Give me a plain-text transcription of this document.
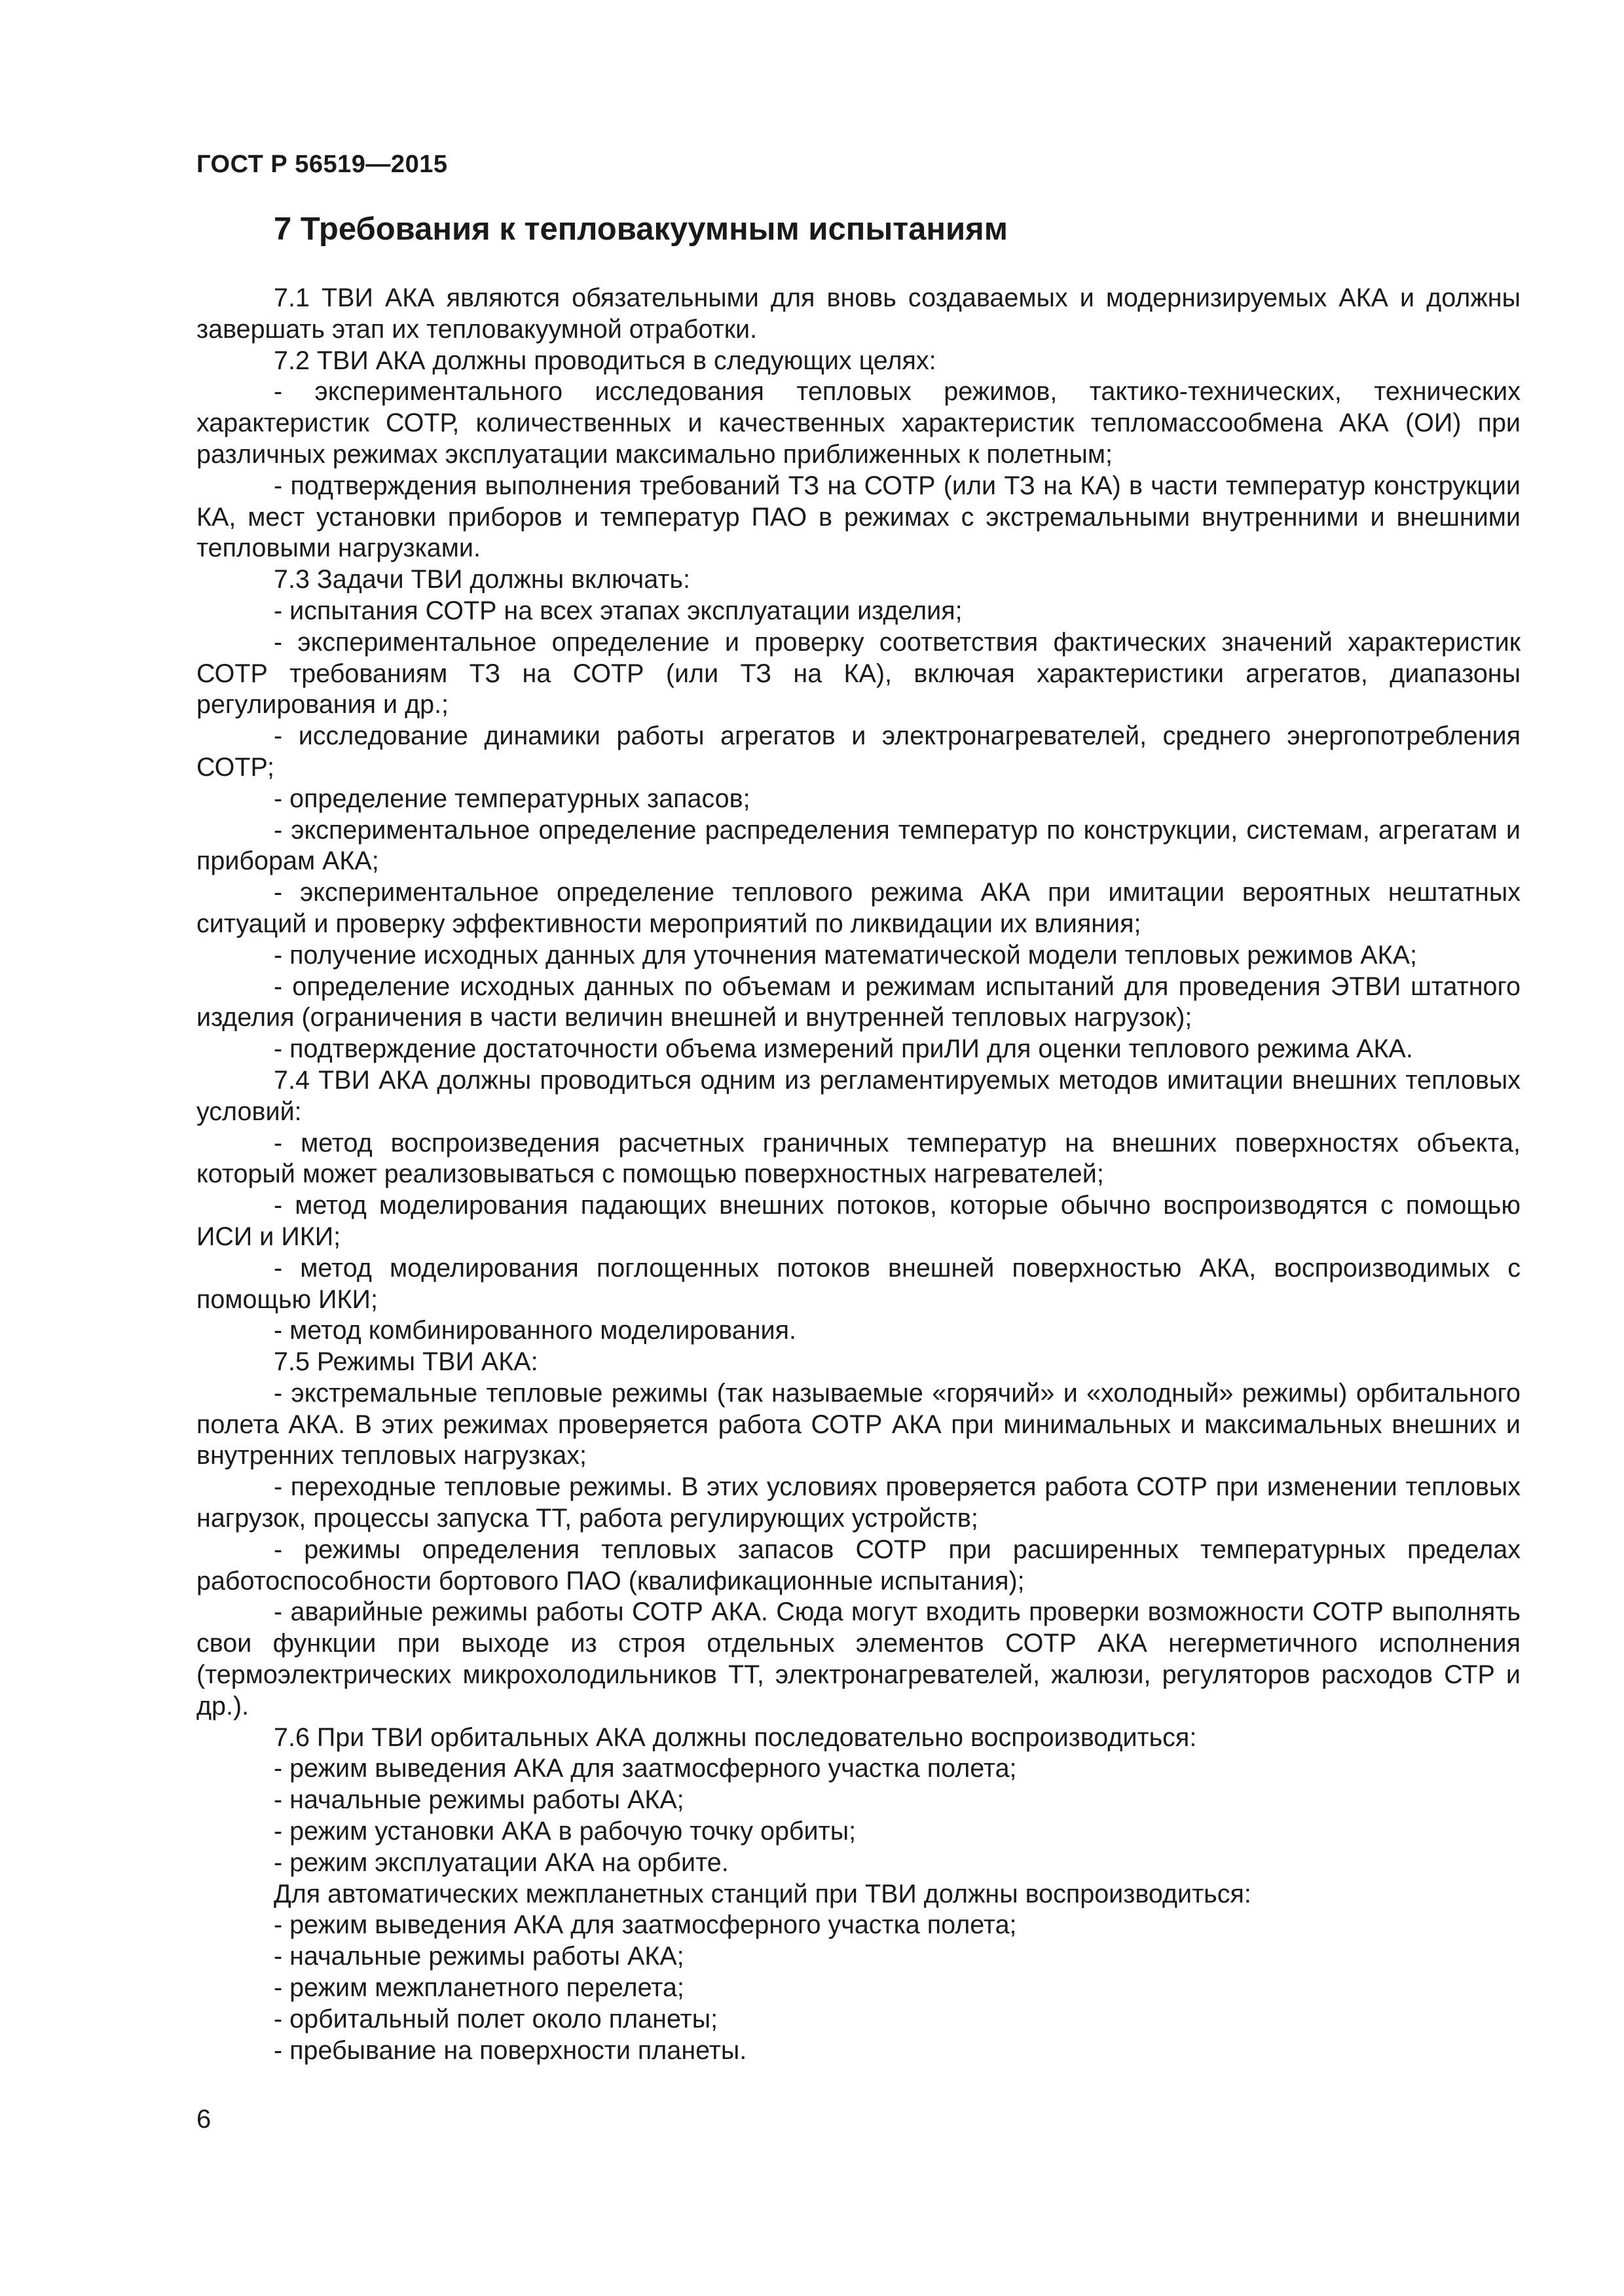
ГОСТ Р 56519—2015
7 Требования к тепловакуумным испытаниям

7.1 ТВИ АКА являются обязательными для вновь создаваемых и модернизируемых АКА и должны завершать этап их тепловакуумной отработки.

7.2 ТВИ АКА должны проводиться в следующих целях:

- экспериментального исследования тепловых режимов, тактико-технических, технических характеристик СОТР, количественных и качественных характеристик тепломассообмена АКА (ОИ) при различных режимах эксплуатации максимально приближенных к полетным;

- подтверждения выполнения требований ТЗ на СОТР (или ТЗ на КА) в части температур конструкции КА, мест установки приборов и температур ПАО в режимах с экстремальными внутренними и внешними тепловыми нагрузками.

7.3 Задачи ТВИ должны включать:

- испытания СОТР на всех этапах эксплуатации изделия;

- экспериментальное определение и проверку соответствия фактических значений характеристик СОТР требованиям ТЗ на СОТР (или ТЗ на КА), включая характеристики агрегатов, диапазоны регулирования и др.;

- исследование динамики работы агрегатов и электронагревателей, среднего энергопотребления СОТР;

- определение температурных запасов;

- экспериментальное определение распределения температур по конструкции, системам, агрегатам и приборам АКА;

- экспериментальное определение теплового режима АКА при имитации вероятных нештатных ситуаций и проверку эффективности мероприятий по ликвидации их влияния;

- получение исходных данных для уточнения математической модели тепловых режимов АКА;

- определение исходных данных по объемам и режимам испытаний для проведения ЭТВИ штатного изделия (ограничения в части величин внешней и внутренней тепловых нагрузок);

- подтверждение достаточности объема измерений приЛИ для оценки теплового режима АКА.

7.4 ТВИ АКА должны проводиться одним из регламентируемых методов имитации внешних тепловых условий:

- метод воспроизведения расчетных граничных температур на внешних поверхностях объекта, который может реализовываться с помощью поверхностных нагревателей;

- метод моделирования падающих внешних потоков, которые обычно воспроизводятся с помощью ИСИ и ИКИ;

- метод моделирования поглощенных потоков внешней поверхностью АКА, воспроизводимых с помощью ИКИ;

- метод комбинированного моделирования.

7.5 Режимы ТВИ АКА:

- экстремальные тепловые режимы (так называемые «горячий» и «холодный» режимы) орбитального полета АКА. В этих режимах проверяется работа СОТР АКА при минимальных и максимальных внешних и внутренних тепловых нагрузках;

- переходные тепловые режимы. В этих условиях проверяется работа СОТР при изменении тепловых нагрузок, процессы запуска ТТ, работа регулирующих устройств;

- режимы определения тепловых запасов СОТР при расширенных температурных пределах работоспособности бортового ПАО (квалификационные испытания);

- аварийные режимы работы СОТР АКА. Сюда могут входить проверки возможности СОТР выполнять свои функции при выходе из строя отдельных элементов СОТР АКА негерметичного исполнения (термоэлектрических микрохолодильников ТТ, электронагревателей, жалюзи, регуляторов расходов СТР и др.).

7.6 При ТВИ орбитальных АКА должны последовательно воспроизводиться:

- режим выведения АКА для заатмосферного участка полета;

- начальные режимы работы АКА;

- режим установки АКА в рабочую точку орбиты;

- режим эксплуатации АКА на орбите.

Для автоматических межпланетных станций при ТВИ должны воспроизводиться:

- режим выведения АКА для заатмосферного участка полета;

- начальные режимы работы АКА;

- режим межпланетного перелета;

- орбитальный полет около планеты;

- пребывание на поверхности планеты.

6
